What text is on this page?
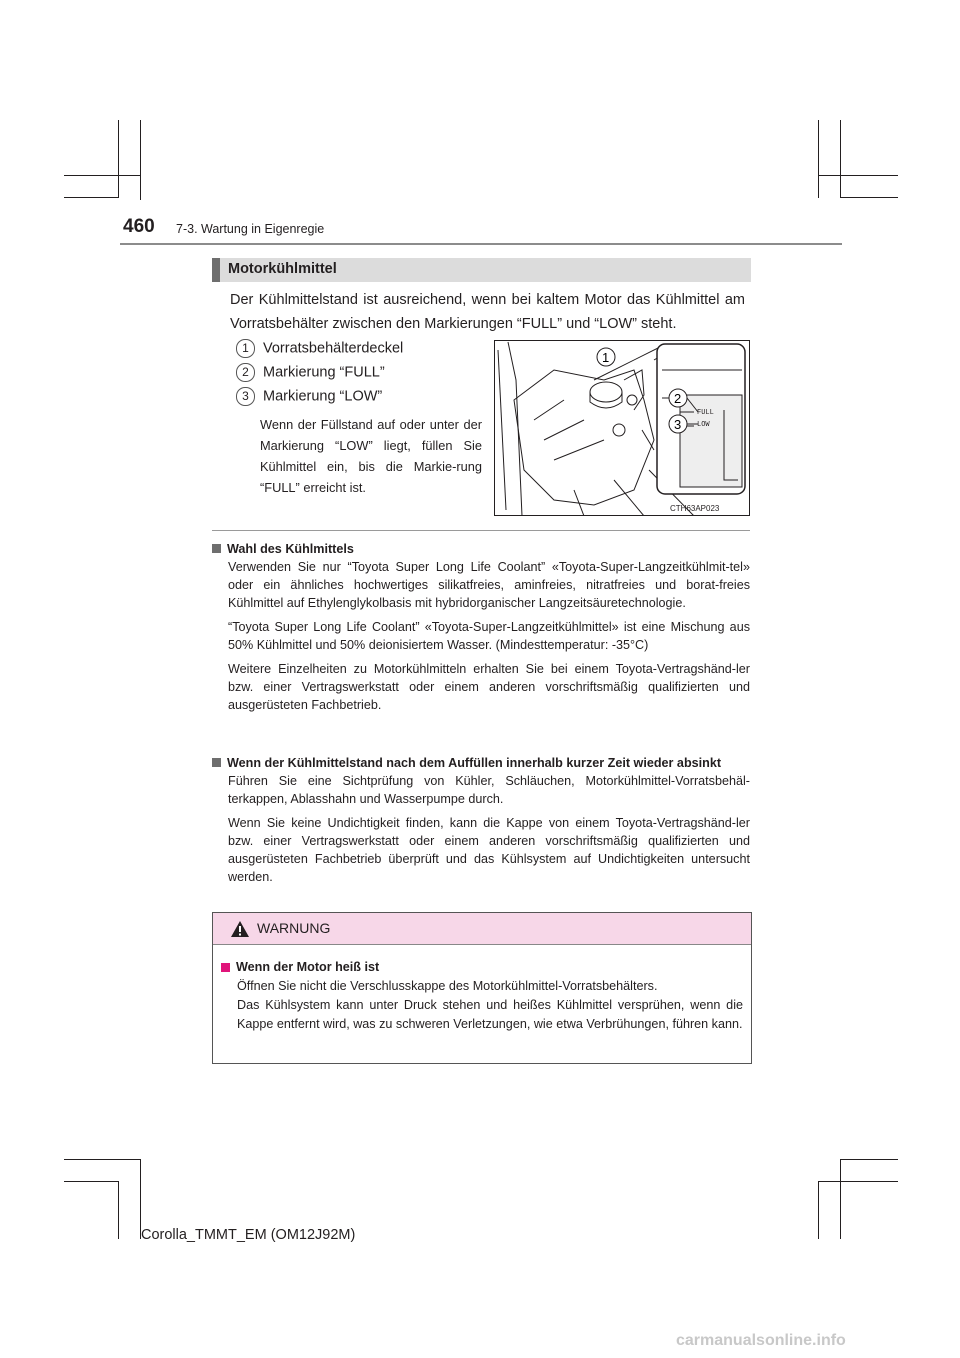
460 7-3. Wartung in Eigenregie
Motorkühlmittel
Der Kühlmittelstand ist ausreichend, wenn bei kaltem Motor das Kühlmittel am Vorratsbehälter zwischen den Markierungen “FULL” und “LOW” steht.
1 Vorratsbehälterdeckel
2 Markierung “FULL”
3 Markierung “LOW”
Wenn der Füllstand auf oder unter der Markierung “LOW” liegt, füllen Sie Kühlmittel ein, bis die Markie-rung “FULL” erreicht ist.
FULL
LOW
1
2
3
CTH63AP023
Wahl des Kühlmittels

Verwenden Sie nur “Toyota Super Long Life Coolant” «Toyota-Super-Langzeitkühlmit-tel» oder ein ähnliches hochwertiges silikatfreies, aminfreies, nitratfreies und borat-freies Kühlmittel auf Ethylenglykolbasis mit hybridorganischer Langzeitsäuretechnologie.

“Toyota Super Long Life Coolant” «Toyota-Super-Langzeitkühlmittel» ist eine Mischung aus 50% Kühlmittel und 50% deionisiertem Wasser. (Mindesttemperatur: -35°C)

Weitere Einzelheiten zu Motorkühlmitteln erhalten Sie bei einem Toyota-Vertragshänd-ler bzw. einer Vertragswerkstatt oder einem anderen vorschriftsmäßig qualifizierten und ausgerüsteten Fachbetrieb.

Wenn der Kühlmittelstand nach dem Auffüllen innerhalb kurzer Zeit wieder absinkt

Führen Sie eine Sichtprüfung von Kühler, Schläuchen, Motorkühlmittel-Vorratsbehäl-terkappen, Ablasshahn und Wasserpumpe durch.

Wenn Sie keine Undichtigkeit finden, kann die Kappe von einem Toyota-Vertragshänd-ler bzw. einer Vertragswerkstatt oder einem anderen vorschriftsmäßig qualifizierten und ausgerüsteten Fachbetrieb überprüft und das Kühlsystem auf Undichtigkeiten untersucht werden.

WARNUNG
Wenn der Motor heiß ist

Öffnen Sie nicht die Verschlusskappe des Motorkühlmittel-Vorratsbehälters.

Das Kühlsystem kann unter Druck stehen und heißes Kühlmittel versprühen, wenn die Kappe entfernt wird, was zu schweren Verletzungen, wie etwa Verbrühungen, führen kann.

Corolla_TMMT_EM (OM12J92M)
carmanualsonline.info
